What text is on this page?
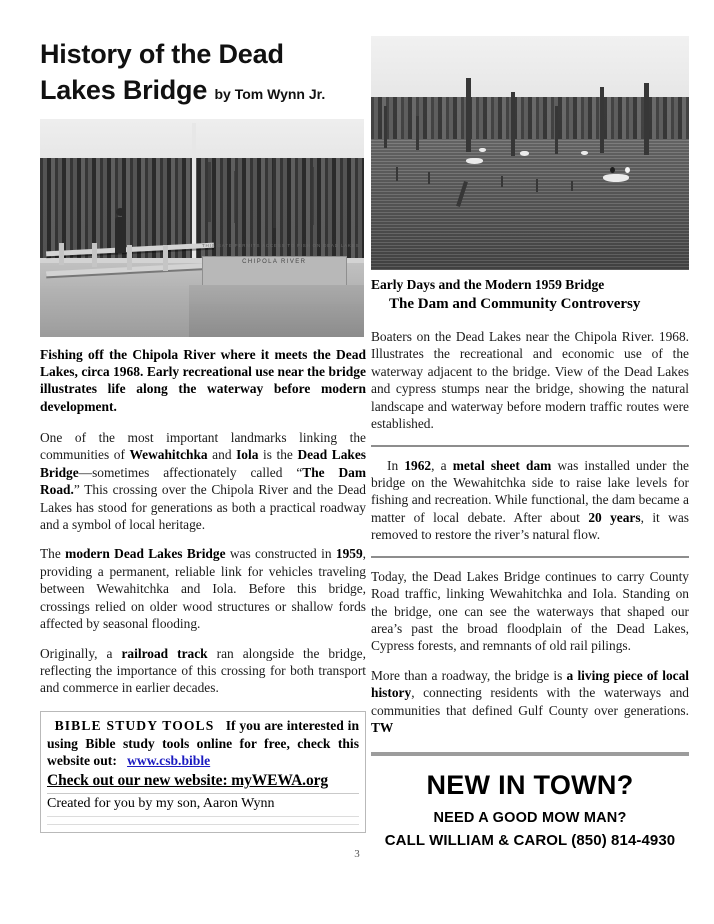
History of the Dead
Lakes Bridge by Tom Wynn Jr.
CHIPOLA RIVER
THIS GATE PERMITS ACCESS TO FISH ON DEAD LAKES

Fishing off the Chipola River where it meets the Dead Lakes, circa 1968. Early recreational use near the bridge illustrates life along the waterway before modern development.

One of the most important landmarks linking the communities of Wewahitchka and Iola is the Dead Lakes Bridge—sometimes affectionately called “The Dam Road.” This crossing over the Chipola River and the Dead Lakes has stood for generations as both a practical roadway and a symbol of local heritage.

The modern Dead Lakes Bridge was constructed in 1959, providing a permanent, reliable link for vehicles traveling between Wewahitchka and Iola. Before this bridge, crossings relied on older wood structures or shallow fords affected by seasonal flooding.

Originally, a railroad track ran alongside the bridge, reflecting the importance of this crossing for both transport and commerce in earlier decades.

BIBLE STUDY TOOLS If you are interested in using Bible study tools online for free, check this website out: www.csb.bible
Check out our new website: myWEWA.org
Created for you by my son, Aaron Wynn
Early Days and the Modern 1959 Bridge
The Dam and Community Controversy

Boaters on the Dead Lakes near the Chipola River. 1968. Illustrates the recreational and economic use of the waterway adjacent to the bridge. View of the Dead Lakes and cypress stumps near the bridge, showing the natural landscape and waterway before modern traffic routes were established.

In 1962, a metal sheet dam was installed under the bridge on the Wewahitchka side to raise lake levels for fishing and recreation. While functional, the dam became a matter of local debate. After about 20 years, it was removed to restore the river’s natural flow.

Today, the Dead Lakes Bridge continues to carry County Road traffic, linking Wewahitchka and Iola. Standing on the bridge, one can see the waterways that shaped our area’s past the broad floodplain of the Dead Lakes, Cypress forests, and remnants of old rail pilings.

More than a roadway, the bridge is a living piece of local history, connecting residents with the waterways and communities that defined Gulf County over generations. TW

NEW IN TOWN?
NEED A GOOD MOW MAN?
CALL WILLIAM & CAROL (850) 814-4930
3
